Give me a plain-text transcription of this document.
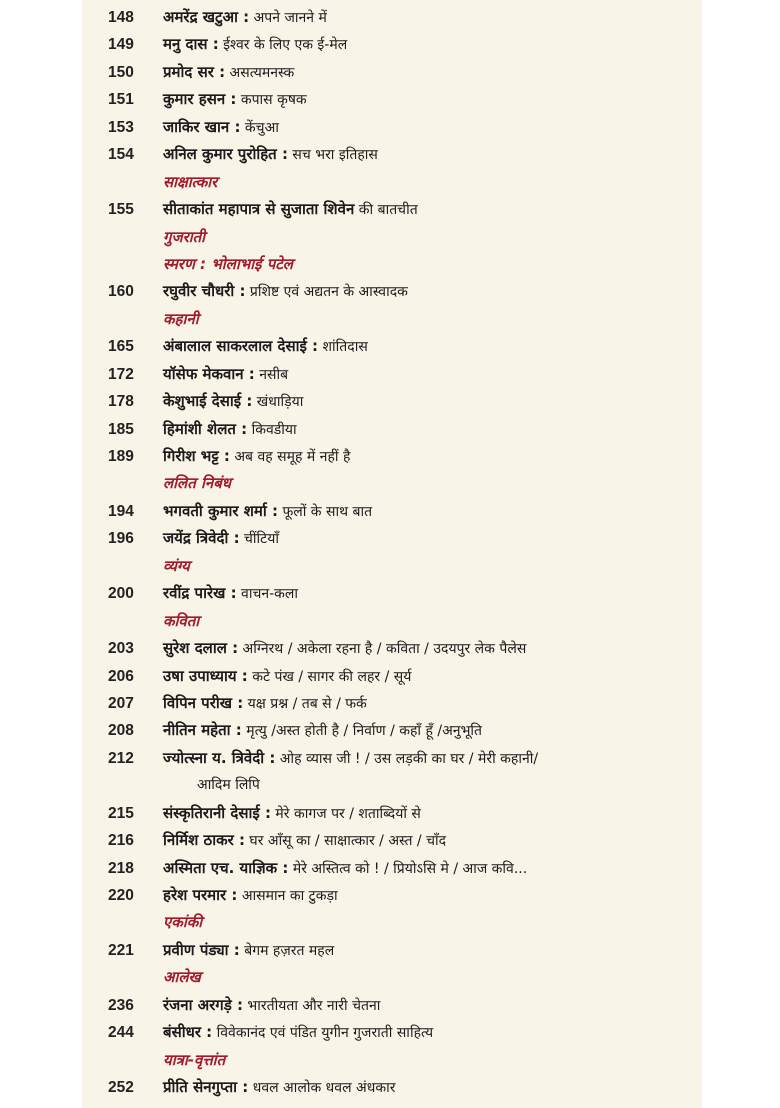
148 अमरेंद्र खटुआ : अपने जानने में
149 मनु दास : ईश्वर के लिए एक ई-मेल
150 प्रमोद सर : असत्यमनस्क
151 कुमार हसन : कपास कृषक
153 जाकिर खान : केंचुआ
154 अनिल कुमार पुरोहित : सच भरा इतिहास
साक्षात्कार
155 सीताकांत महापात्र से सुजाता शिवेन की बातचीत
गुजराती
स्मरण : भोलाभाई पटेल
160 रघुवीर चौधरी : प्रशिष्ट एवं अद्यतन के आस्वादक
कहानी
165 अंबालाल साकरलाल देसाई : शांतिदास
172 यॉसेफ मेकवान : नसीब
178 केशुभाई देसाई : खंधाड़िया
185 हिमांशी शेलत : किवडीया
189 गिरीश भट्ट : अब वह समूह में नहीं है
ललित निबंध
194 भगवती कुमार शर्मा : फूलों के साथ बात
196 जयेंद्र त्रिवेदी : चींटियाँ
व्यंग्य
200 रवींद्र पारेख : वाचन-कला
कविता
203 सुरेश दलाल : अग्निरथ / अकेला रहना है / कविता / उदयपुर लेक पैलेस
206 उषा उपाध्याय : कटे पंख / सागर की लहर / सूर्य
207 विपिन परीख : यक्ष प्रश्न / तब से / फर्क
208 नीतिन महेता : मृत्यु /अस्त होती है / निर्वाण / कहाँ हूँ /अनुभूति
212 ज्योत्स्ना य. त्रिवेदी : ओह व्यास जी ! / उस लड़की का घर / मेरी कहानी/
आदिम लिपि
215 संस्कृतिरानी देसाई : मेरे कागज पर / शताब्दियों से
216 निर्मिश ठाकर : घर आँसू का / साक्षात्कार / अस्त / चाँद
218 अस्मिता एच. याज्ञिक : मेरे अस्तित्व को ! / प्रियोऽसि मे / आज कवि...
220 हरेश परमार : आसमान का टुकड़ा
एकांकी
221 प्रवीण पंड्या : बेगम हज़रत महल
आलेख
236 रंजना अरगड़े : भारतीयता और नारी चेतना
244 बंसीधर : विवेकानंद एवं पंडित युगीन गुजराती साहित्य
यात्रा-वृत्तांत
252 प्रीति सेनगुप्ता : धवल आलोक धवल अंधकार
